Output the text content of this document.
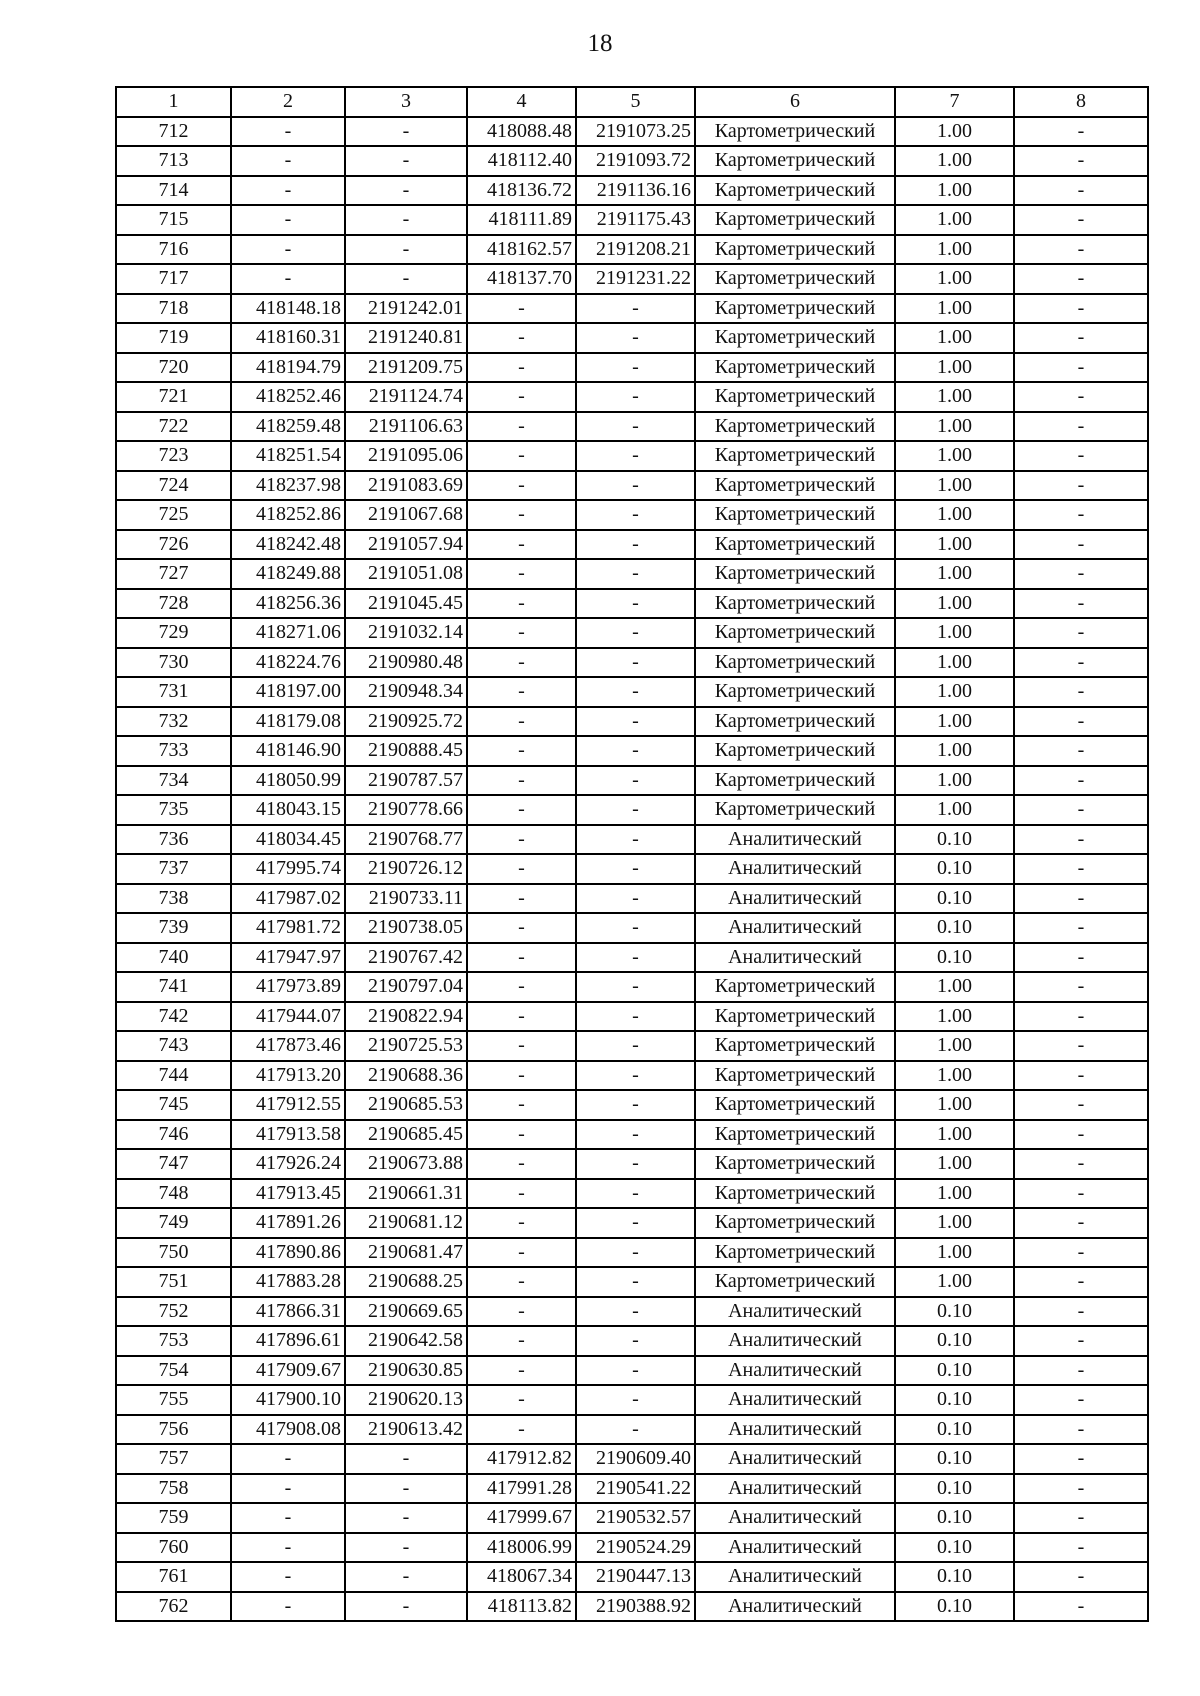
18
1	2	3	4	5	6	7	8
712	-	-	418088.48	2191073.25	Картометрический	1.00	-
713	-	-	418112.40	2191093.72	Картометрический	1.00	-
714	-	-	418136.72	2191136.16	Картометрический	1.00	-
715	-	-	418111.89	2191175.43	Картометрический	1.00	-
716	-	-	418162.57	2191208.21	Картометрический	1.00	-
717	-	-	418137.70	2191231.22	Картометрический	1.00	-
718	418148.18	2191242.01	-	-	Картометрический	1.00	-
719	418160.31	2191240.81	-	-	Картометрический	1.00	-
720	418194.79	2191209.75	-	-	Картометрический	1.00	-
721	418252.46	2191124.74	-	-	Картометрический	1.00	-
722	418259.48	2191106.63	-	-	Картометрический	1.00	-
723	418251.54	2191095.06	-	-	Картометрический	1.00	-
724	418237.98	2191083.69	-	-	Картометрический	1.00	-
725	418252.86	2191067.68	-	-	Картометрический	1.00	-
726	418242.48	2191057.94	-	-	Картометрический	1.00	-
727	418249.88	2191051.08	-	-	Картометрический	1.00	-
728	418256.36	2191045.45	-	-	Картометрический	1.00	-
729	418271.06	2191032.14	-	-	Картометрический	1.00	-
730	418224.76	2190980.48	-	-	Картометрический	1.00	-
731	418197.00	2190948.34	-	-	Картометрический	1.00	-
732	418179.08	2190925.72	-	-	Картометрический	1.00	-
733	418146.90	2190888.45	-	-	Картометрический	1.00	-
734	418050.99	2190787.57	-	-	Картометрический	1.00	-
735	418043.15	2190778.66	-	-	Картометрический	1.00	-
736	418034.45	2190768.77	-	-	Аналитический	0.10	-
737	417995.74	2190726.12	-	-	Аналитический	0.10	-
738	417987.02	2190733.11	-	-	Аналитический	0.10	-
739	417981.72	2190738.05	-	-	Аналитический	0.10	-
740	417947.97	2190767.42	-	-	Аналитический	0.10	-
741	417973.89	2190797.04	-	-	Картометрический	1.00	-
742	417944.07	2190822.94	-	-	Картометрический	1.00	-
743	417873.46	2190725.53	-	-	Картометрический	1.00	-
744	417913.20	2190688.36	-	-	Картометрический	1.00	-
745	417912.55	2190685.53	-	-	Картометрический	1.00	-
746	417913.58	2190685.45	-	-	Картометрический	1.00	-
747	417926.24	2190673.88	-	-	Картометрический	1.00	-
748	417913.45	2190661.31	-	-	Картометрический	1.00	-
749	417891.26	2190681.12	-	-	Картометрический	1.00	-
750	417890.86	2190681.47	-	-	Картометрический	1.00	-
751	417883.28	2190688.25	-	-	Картометрический	1.00	-
752	417866.31	2190669.65	-	-	Аналитический	0.10	-
753	417896.61	2190642.58	-	-	Аналитический	0.10	-
754	417909.67	2190630.85	-	-	Аналитический	0.10	-
755	417900.10	2190620.13	-	-	Аналитический	0.10	-
756	417908.08	2190613.42	-	-	Аналитический	0.10	-
757	-	-	417912.82	2190609.40	Аналитический	0.10	-
758	-	-	417991.28	2190541.22	Аналитический	0.10	-
759	-	-	417999.67	2190532.57	Аналитический	0.10	-
760	-	-	418006.99	2190524.29	Аналитический	0.10	-
761	-	-	418067.34	2190447.13	Аналитический	0.10	-
762	-	-	418113.82	2190388.92	Аналитический	0.10	-
